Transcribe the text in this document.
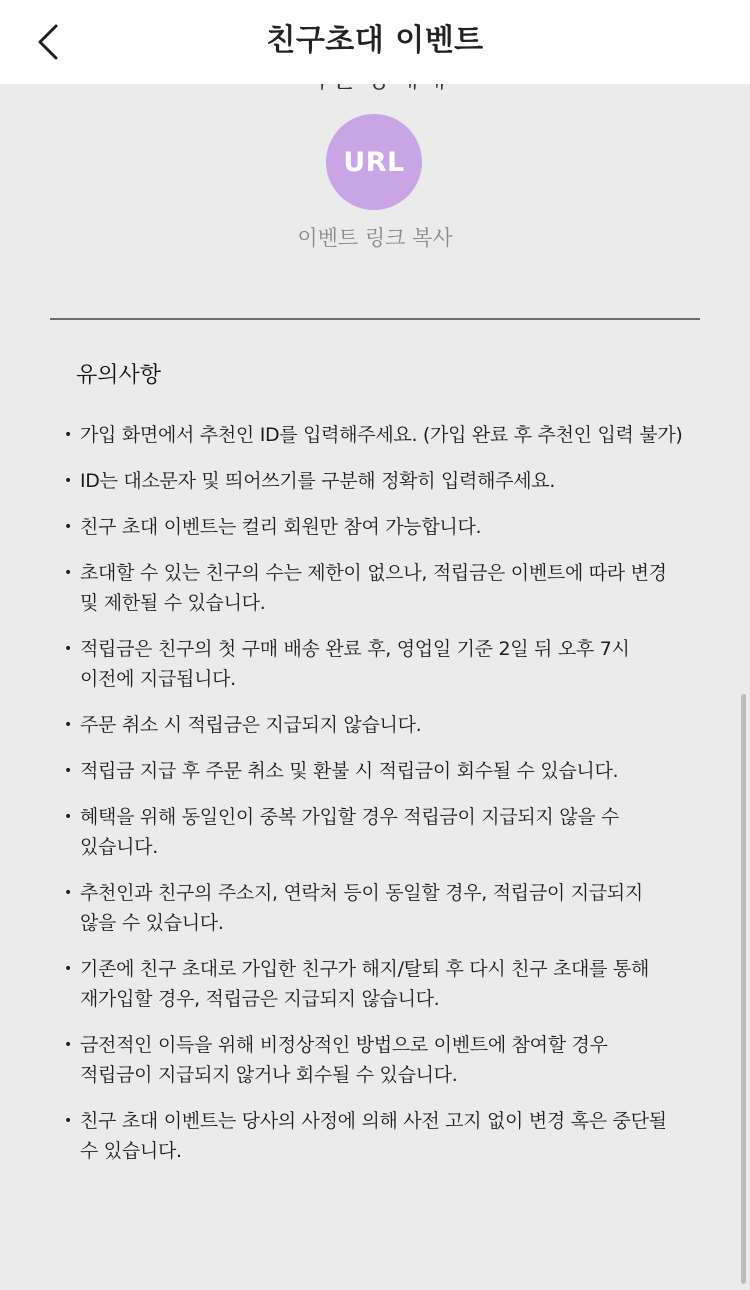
친구초대 이벤트
URL
이벤트 링크 복사
유의사항
• 가입 화면에서 추천인 ID를 입력해주세요. (가입 완료 후 추천인 입력 불가)
• ID는 대소문자 및 띄어쓰기를 구분해 정확히 입력해주세요.
• 친구 초대 이벤트는 컬리 회원만 참여 가능합니다.
• 초대할 수 있는 친구의 수는 제한이 없으나, 적립금은 이벤트에 따라 변경
및 제한될 수 있습니다.
• 적립금은 친구의 첫 구매 배송 완료 후, 영업일 기준 2일 뒤 오후 7시
이전에 지급됩니다.
• 주문 취소 시 적립금은 지급되지 않습니다.
• 적립금 지급 후 주문 취소 및 환불 시 적립금이 회수될 수 있습니다.
• 혜택을 위해 동일인이 중복 가입할 경우 적립금이 지급되지 않을 수
있습니다.
• 추천인과 친구의 주소지, 연락처 등이 동일할 경우, 적립금이 지급되지
않을 수 있습니다.
• 기존에 친구 초대로 가입한 친구가 해지/탈퇴 후 다시 친구 초대를 통해
재가입할 경우, 적립금은 지급되지 않습니다.
• 금전적인 이득을 위해 비정상적인 방법으로 이벤트에 참여할 경우
적립금이 지급되지 않거나 회수될 수 있습니다.
• 친구 초대 이벤트는 당사의 사정에 의해 사전 고지 없이 변경 혹은 중단될
수 있습니다.
